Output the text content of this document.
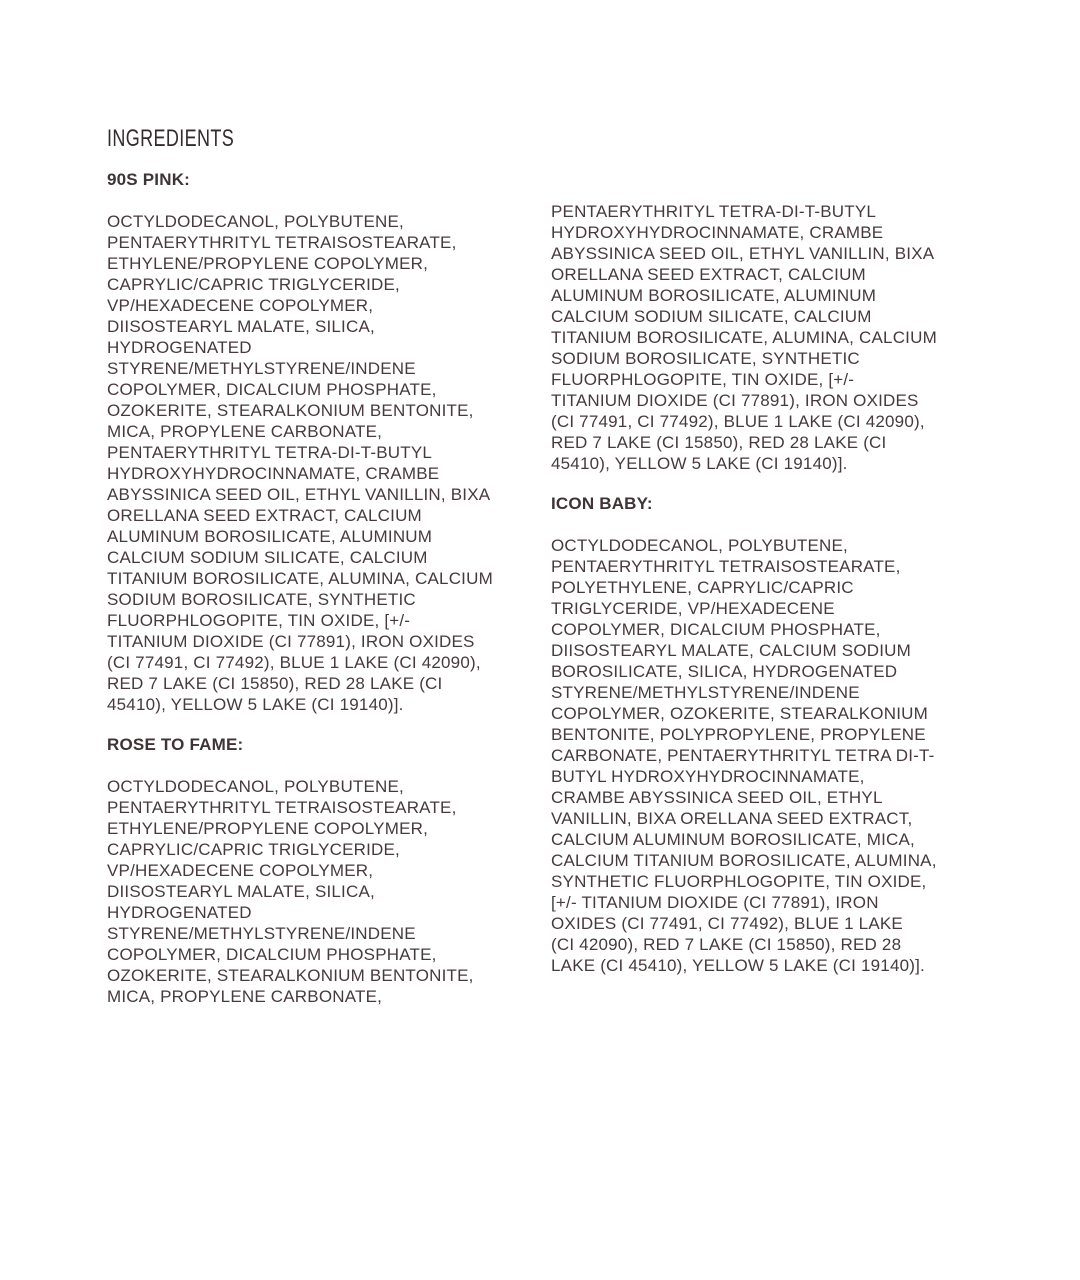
INGREDIENTS
90S PINK:
OCTYLDODECANOL, POLYBUTENE,
PENTAERYTHRITYL TETRAISOSTEARATE,
ETHYLENE/PROPYLENE COPOLYMER,
CAPRYLIC/CAPRIC TRIGLYCERIDE,
VP/HEXADECENE COPOLYMER,
DIISOSTEARYL MALATE, SILICA,
HYDROGENATED
STYRENE/METHYLSTYRENE/INDENE
COPOLYMER, DICALCIUM PHOSPHATE,
OZOKERITE, STEARALKONIUM BENTONITE,
MICA, PROPYLENE CARBONATE,
PENTAERYTHRITYL TETRA-DI-T-BUTYL
HYDROXYHYDROCINNAMATE, CRAMBE
ABYSSINICA SEED OIL, ETHYL VANILLIN, BIXA
ORELLANA SEED EXTRACT, CALCIUM
ALUMINUM BOROSILICATE, ALUMINUM
CALCIUM SODIUM SILICATE, CALCIUM
TITANIUM BOROSILICATE, ALUMINA, CALCIUM
SODIUM BOROSILICATE, SYNTHETIC
FLUORPHLOGOPITE, TIN OXIDE, [+/-
TITANIUM DIOXIDE (CI 77891), IRON OXIDES
(CI 77491, CI 77492), BLUE 1 LAKE (CI 42090),
RED 7 LAKE (CI 15850), RED 28 LAKE (CI
45410), YELLOW 5 LAKE (CI 19140)].
ROSE TO FAME:
OCTYLDODECANOL, POLYBUTENE,
PENTAERYTHRITYL TETRAISOSTEARATE,
ETHYLENE/PROPYLENE COPOLYMER,
CAPRYLIC/CAPRIC TRIGLYCERIDE,
VP/HEXADECENE COPOLYMER,
DIISOSTEARYL MALATE, SILICA,
HYDROGENATED
STYRENE/METHYLSTYRENE/INDENE
COPOLYMER, DICALCIUM PHOSPHATE,
OZOKERITE, STEARALKONIUM BENTONITE,
MICA, PROPYLENE CARBONATE,
PENTAERYTHRITYL TETRA-DI-T-BUTYL
HYDROXYHYDROCINNAMATE, CRAMBE
ABYSSINICA SEED OIL, ETHYL VANILLIN, BIXA
ORELLANA SEED EXTRACT, CALCIUM
ALUMINUM BOROSILICATE, ALUMINUM
CALCIUM SODIUM SILICATE, CALCIUM
TITANIUM BOROSILICATE, ALUMINA, CALCIUM
SODIUM BOROSILICATE, SYNTHETIC
FLUORPHLOGOPITE, TIN OXIDE, [+/-
TITANIUM DIOXIDE (CI 77891), IRON OXIDES
(CI 77491, CI 77492), BLUE 1 LAKE (CI 42090),
RED 7 LAKE (CI 15850), RED 28 LAKE (CI
45410), YELLOW 5 LAKE (CI 19140)].
ICON BABY:
OCTYLDODECANOL, POLYBUTENE,
PENTAERYTHRITYL TETRAISOSTEARATE,
POLYETHYLENE, CAPRYLIC/CAPRIC
TRIGLYCERIDE, VP/HEXADECENE
COPOLYMER, DICALCIUM PHOSPHATE,
DIISOSTEARYL MALATE, CALCIUM SODIUM
BOROSILICATE, SILICA, HYDROGENATED
STYRENE/METHYLSTYRENE/INDENE
COPOLYMER, OZOKERITE, STEARALKONIUM
BENTONITE, POLYPROPYLENE, PROPYLENE
CARBONATE, PENTAERYTHRITYL TETRA DI-T-
BUTYL HYDROXYHYDROCINNAMATE,
CRAMBE ABYSSINICA SEED OIL, ETHYL
VANILLIN, BIXA ORELLANA SEED EXTRACT,
CALCIUM ALUMINUM BOROSILICATE, MICA,
CALCIUM TITANIUM BOROSILICATE, ALUMINA,
SYNTHETIC FLUORPHLOGOPITE, TIN OXIDE,
[+/- TITANIUM DIOXIDE (CI 77891), IRON
OXIDES (CI 77491, CI 77492), BLUE 1 LAKE
(CI 42090), RED 7 LAKE (CI 15850), RED 28
LAKE (CI 45410), YELLOW 5 LAKE (CI 19140)].
